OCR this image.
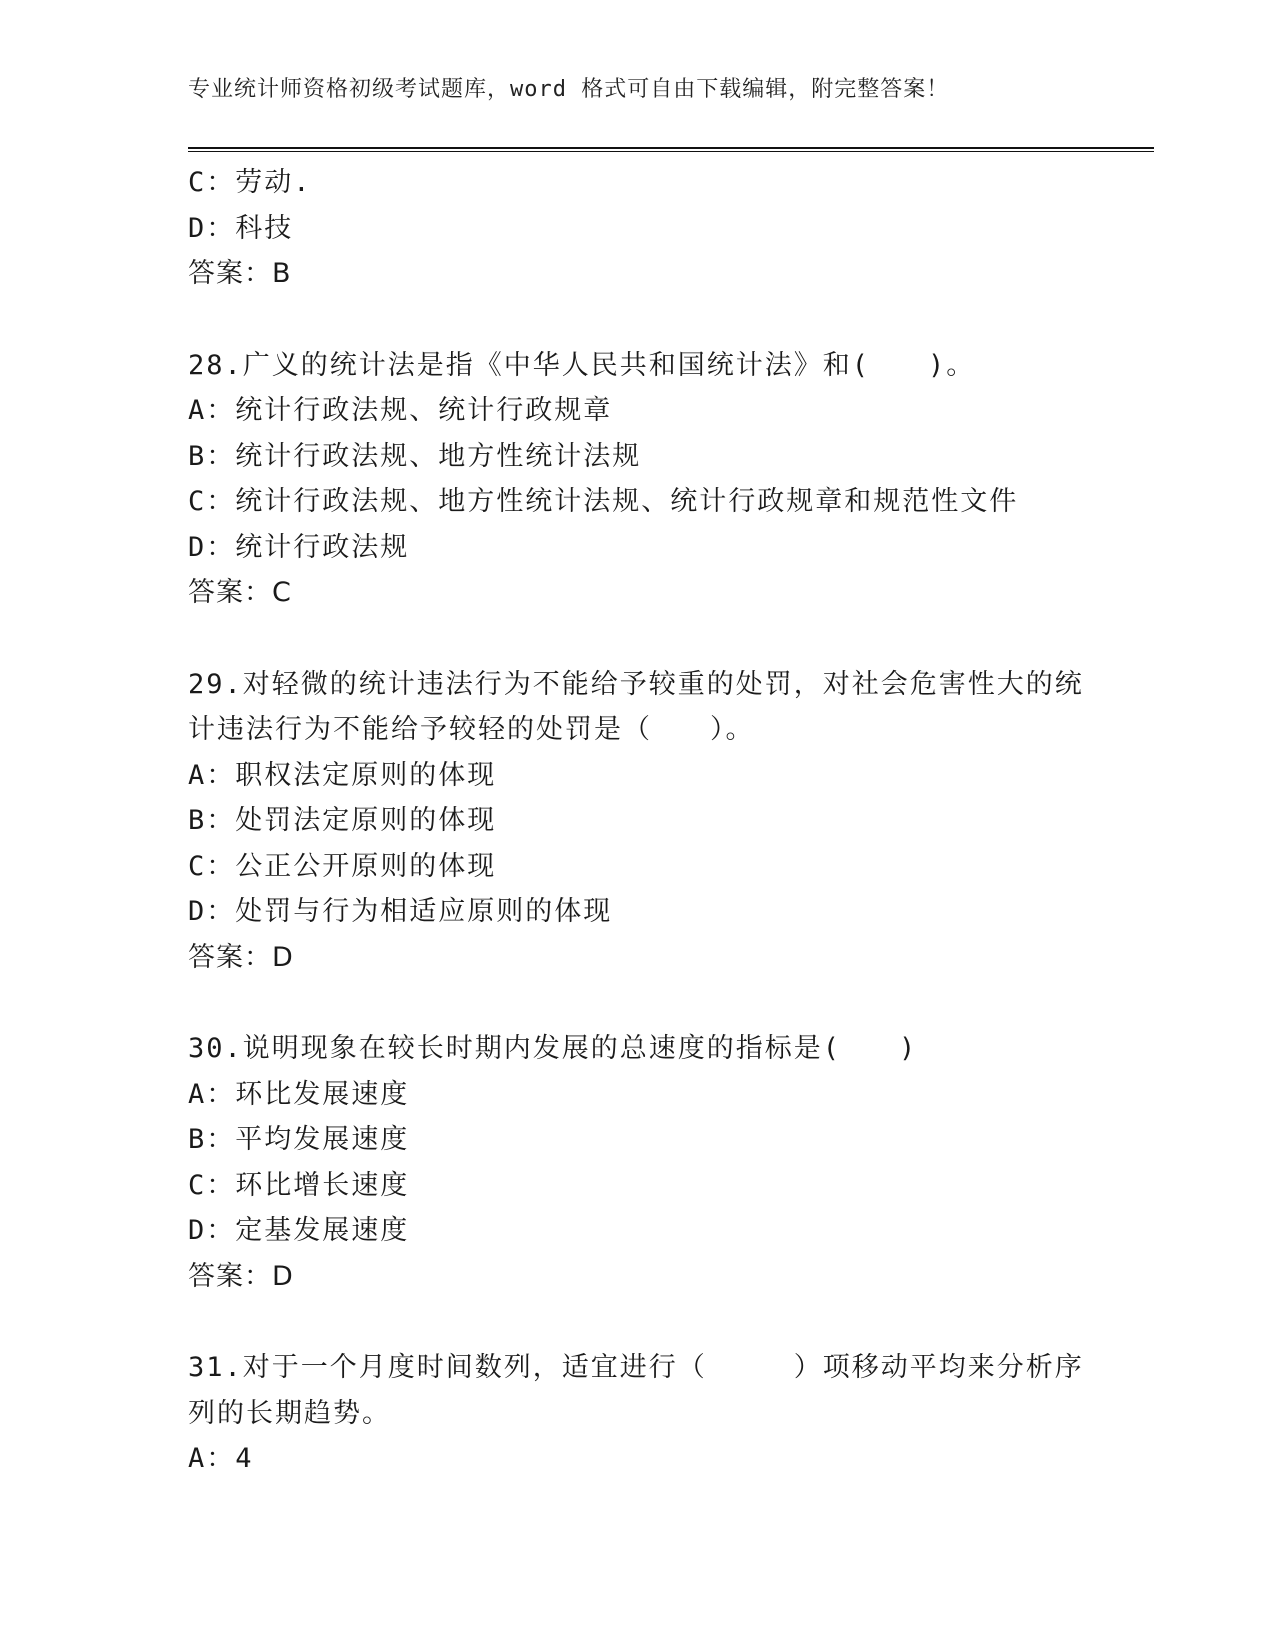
专业统计师资格初级考试题库，word 格式可自由下载编辑，附完整答案！
C：劳动.
D：科技
答案：B
28.广义的统计法是指《中华人民共和国统计法》和(　　)。
A：统计行政法规、统计行政规章
B：统计行政法规、地方性统计法规
C：统计行政法规、地方性统计法规、统计行政规章和规范性文件
D：统计行政法规
答案：C
29.对轻微的统计违法行为不能给予较重的处罚，对社会危害性大的统
计违法行为不能给予较轻的处罚是（　　）。
A：职权法定原则的体现
B：处罚法定原则的体现
C：公正公开原则的体现
D：处罚与行为相适应原则的体现
答案：D
30.说明现象在较长时期内发展的总速度的指标是(　　)
A：环比发展速度
B：平均发展速度
C：环比增长速度
D：定基发展速度
答案：D
31.对于一个月度时间数列，适宜进行（　　　）项移动平均来分析序
列的长期趋势。
A：4
